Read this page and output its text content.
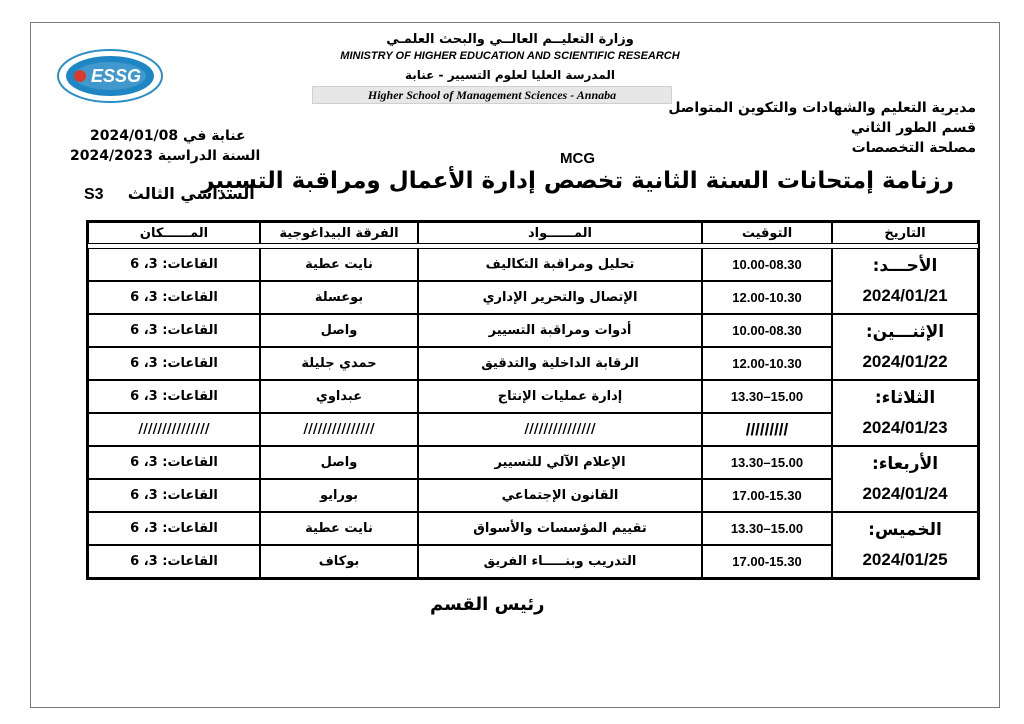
ESSG
وزارة التعليــم العالــي والبحث العلمـي
MINISTRY OF HIGHER EDUCATION AND SCIENTIFIC RESEARCH
المدرسة العليا لعلوم التسيير - عنابة
Higher School of Management Sciences - Annaba
مديرية التعليم والشهادات والتكوين المتواصل
قسم الطور الثاني
مصلحة التخصصات
عنابة في 2024/01/08
السنة الدراسية 2024/2023	MCG
رزنامة إمتحانات السنة الثانية تخصص إدارة الأعمال ومراقبة التسيير
S3 السداسي الثالث
التاريخ	التوقيت	المــــــواد	الفرقة البيداغوجية	المــــــكان

الأحـــد:
2024/01/21	10.00-08.30	تحليل ومراقبة التكاليف	نايت عطية	القاعات: 3، 6
	12.00-10.30	الإتصال والتحرير الإداري	بوعسلة	القاعات: 3، 6

الإثنـــين:
2024/01/22	10.00-08.30	أدوات ومراقبة التسيير	واصل	القاعات: 3، 6
	12.00-10.30	الرقابة الداخلية والتدقيق	حمدي جليلة	القاعات: 3، 6

الثلاثاء:
2024/01/23	15.00–13.30	إدارة عمليات الإنتاج	عبداوي	القاعات: 3، 6
	/////////	///////////////	///////////////	///////////////

الأربعاء:
2024/01/24	15.00–13.30	الإعلام الآلي للتسيير	واصل	القاعات: 3، 6
	17.00-15.30	القانون الإجتماعي	بورايو	القاعات: 3، 6

الخميس:
2024/01/25	15.00–13.30	تقييم المؤسسات والأسواق	نايت عطية	القاعات: 3، 6
	17.00-15.30	التدريب وبنـــــاء الفريق	بوكاف	القاعات: 3، 6
رئيس القسم
